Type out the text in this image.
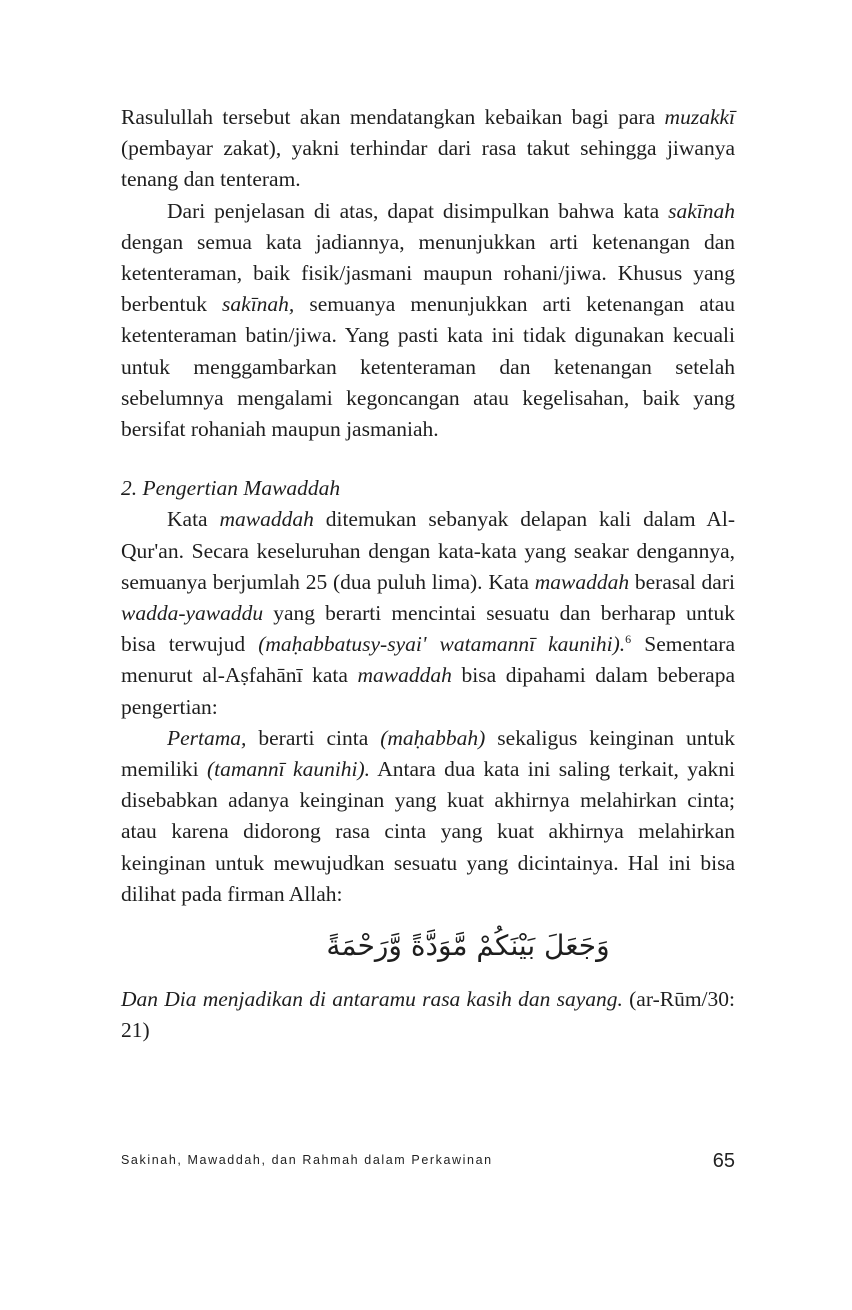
Rasulullah tersebut akan mendatangkan kebaikan bagi para muzakkī (pembayar zakat), yakni terhindar dari rasa takut sehingga jiwanya tenang dan tenteram.

Dari penjelasan di atas, dapat disimpulkan bahwa kata sakīnah dengan semua kata jadiannya, menunjukkan arti ketenangan dan ketenteraman, baik fisik/jasmani maupun rohani/jiwa. Khusus yang berbentuk sakīnah, semuanya menunjukkan arti ketenangan atau ketenteraman batin/jiwa. Yang pasti kata ini tidak digunakan kecuali untuk menggambarkan ketenteraman dan ketenangan setelah sebelumnya mengalami kegoncangan atau kegelisahan, baik yang bersifat rohaniah maupun jasmaniah.

2. Pengertian Mawaddah

Kata mawaddah ditemukan sebanyak delapan kali dalam Al-Qur'an. Secara keseluruhan dengan kata-kata yang seakar dengannya, semuanya berjumlah 25 (dua puluh lima). Kata mawaddah berasal dari wadda-yawaddu yang berarti mencintai sesuatu dan berharap untuk bisa terwujud (maḥabbatusy-syai' watamannī kaunihi).$^6$ Sementara menurut al-Aṣfahānī kata mawaddah bisa dipahami dalam beberapa pengertian:

Pertama, berarti cinta (maḥabbah) sekaligus keinginan untuk memiliki (tamannī kaunihi). Antara dua kata ini saling terkait, yakni disebabkan adanya keinginan yang kuat akhirnya melahirkan cinta; atau karena didorong rasa cinta yang kuat akhirnya melahirkan keinginan untuk mewujudkan sesuatu yang dicintainya. Hal ini bisa dilihat pada firman Allah:

وَجَعَلَ بَيْنَكُمْ مَّوَدَّةً وَّرَحْمَةً

Dan Dia menjadikan di antaramu rasa kasih dan sayang. (ar-Rūm/30: 21)

Sakinah, Mawaddah, dan Rahmah dalam Perkawinan	65
